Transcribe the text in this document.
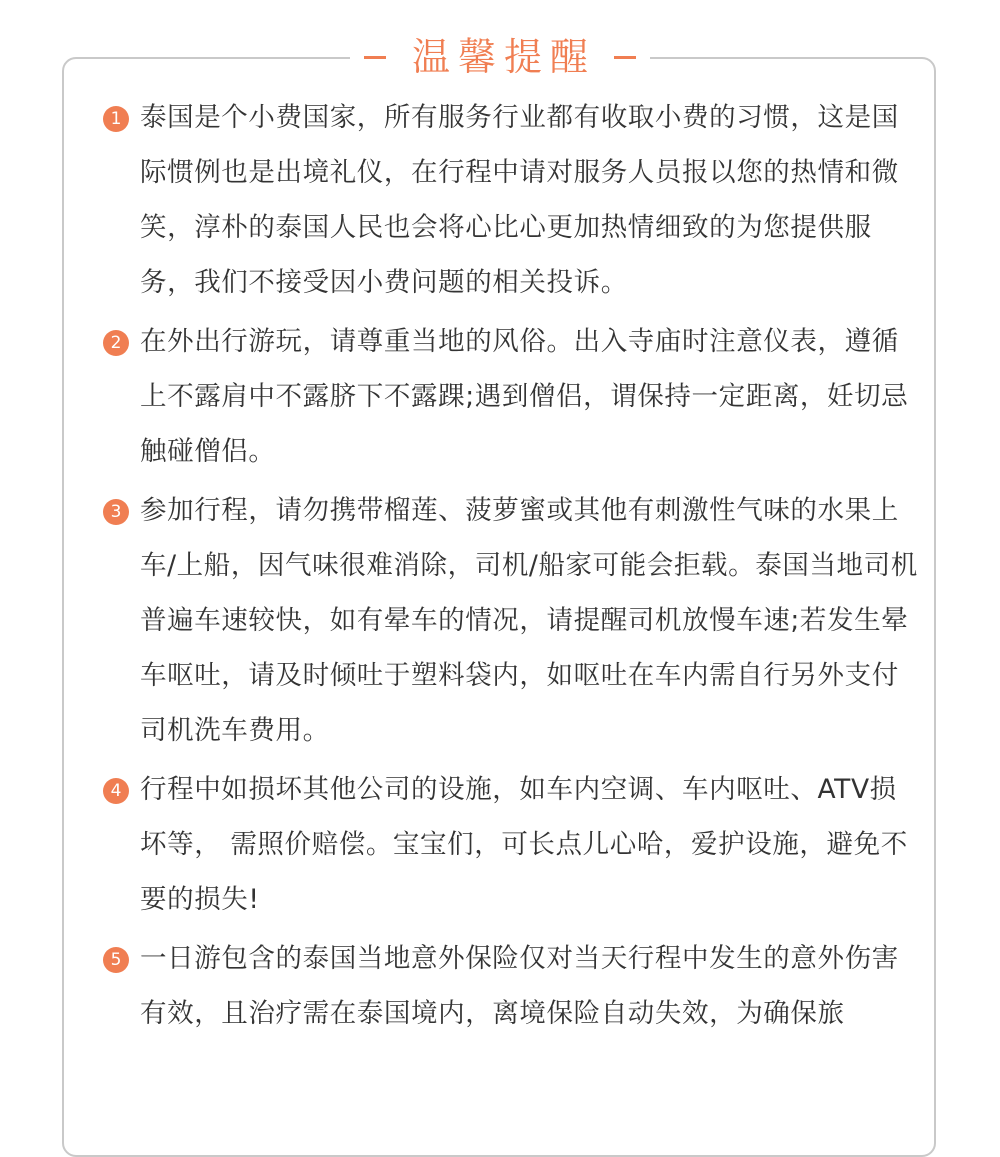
温馨提醒
1 泰国是个小费国家，所有服务行业都有收取小费的习惯，这是国际惯例也是出境礼仪，在行程中请对服务人员报以您的热情和微笑，淳朴的泰国人民也会将心比心更加热情细致的为您提供服务，我们不接受因小费问题的相关投诉。

2 在外出行游玩，请尊重当地的风俗。出入寺庙时注意仪表，遵循上不露肩中不露脐下不露踝;遇到僧侣，谓保持一定距离，妊切忌触碰僧侣。

3 参加行程，请勿携带榴莲、菠萝蜜或其他有刺激性气味的水果上车/上船，因气味很难消除，司机/船家可能会拒载。泰国当地司机普遍车速较快，如有晕车的情况，请提醒司机放慢车速;若发生晕车呕吐，请及时倾吐于塑料袋内，如呕吐在车内需自行另外支付司机洗车费用。

4 行程中如损坏其他公司的设施，如车内空调、车内呕吐、ATV损坏等， 需照价赔偿。宝宝们，可长点儿心哈，爱护设施，避免不要的损失!

5 一日游包含的泰国当地意外保险仅对当天行程中发生的意外伤害有效，且治疗需在泰国境内，离境保险自动失效，为确保旅
